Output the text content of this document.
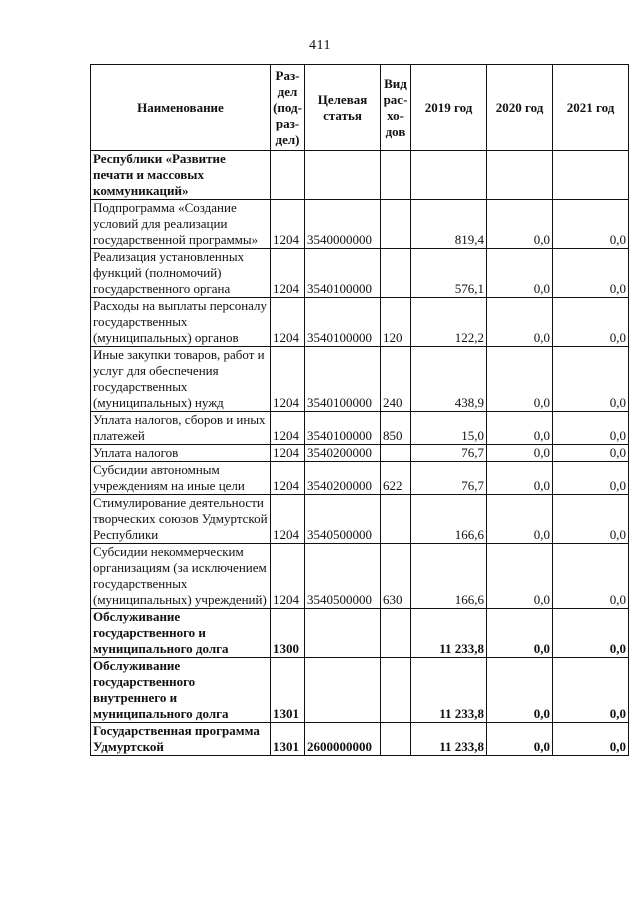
411
Наименование	Раз-дел (под-раз-дел)	Целевая статья	Вид рас-хо-дов	2019 год	2020 год	2021 год
Республики «Развитие печати и массовых коммуникаций»						
Подпрограмма «Создание условий для реализации государственной программы»	1204	3540000000		819,4	0,0	0,0
Реализация установленных функций (полномочий) государственного органа	1204	3540100000		576,1	0,0	0,0
Расходы на выплаты персоналу государственных (муниципальных) органов	1204	3540100000	120	122,2	0,0	0,0
Иные закупки товаров, работ и услуг для обеспечения государственных (муниципальных) нужд	1204	3540100000	240	438,9	0,0	0,0
Уплата налогов, сборов и иных платежей	1204	3540100000	850	15,0	0,0	0,0
Уплата налогов	1204	3540200000		76,7	0,0	0,0
Субсидии автономным учреждениям на иные цели	1204	3540200000	622	76,7	0,0	0,0
Стимулирование деятельности творческих союзов Удмуртской Республики	1204	3540500000		166,6	0,0	0,0
Субсидии некоммерческим организациям (за исключением государственных (муниципальных) учреждений)	1204	3540500000	630	166,6	0,0	0,0
Обслуживание государственного и муниципального долга	1300			11 233,8	0,0	0,0
Обслуживание государственного внутреннего и муниципального долга	1301			11 233,8	0,0	0,0
Государственная программа Удмуртской	1301	2600000000		11 233,8	0,0	0,0
